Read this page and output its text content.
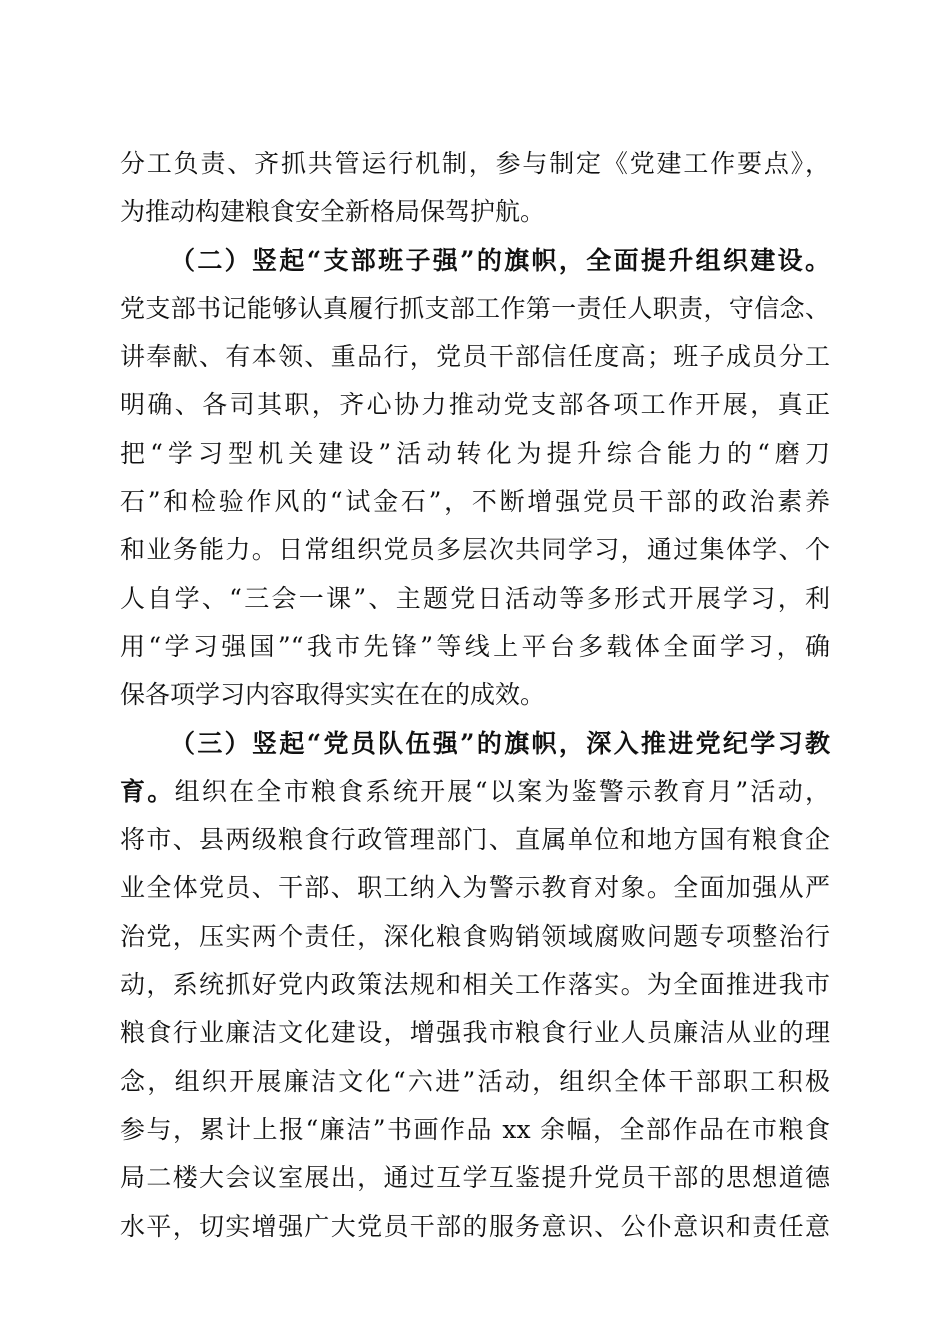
分工负责、齐抓共管运行机制，参与制定《党建工作要点》，
为推动构建粮食安全新格局保驾护航。
（二）竖起“支部班子强”的旗帜，全面提升组织建设。
党支部书记能够认真履行抓支部工作第一责任人职责，守信念、
讲奉献、有本领、重品行，党员干部信任度高；班子成员分工
明确、各司其职，齐心协力推动党支部各项工作开展，真正
把“学习型机关建设”活动转化为提升综合能力的“磨刀
石”和检验作风的“试金石”，不断增强党员干部的政治素养
和业务能力。日常组织党员多层次共同学习，通过集体学、个
人自学、“三会一课”、主题党日活动等多形式开展学习，利
用“学习强国”“我市先锋”等线上平台多载体全面学习，确
保各项学习内容取得实实在在的成效。
（三）竖起“党员队伍强”的旗帜，深入推进党纪学习教
育。组织在全市粮食系统开展“以案为鉴警示教育月”活动，
将市、县两级粮食行政管理部门、直属单位和地方国有粮食企
业全体党员、干部、职工纳入为警示教育对象。全面加强从严
治党，压实两个责任，深化粮食购销领域腐败问题专项整治行
动，系统抓好党内政策法规和相关工作落实。为全面推进我市
粮食行业廉洁文化建设，增强我市粮食行业人员廉洁从业的理
念，组织开展廉洁文化“六进”活动，组织全体干部职工积极
参与，累计上报“廉洁”书画作品 xx 余幅，全部作品在市粮食
局二楼大会议室展出，通过互学互鉴提升党员干部的思想道德
水平，切实增强广大党员干部的服务意识、公仆意识和责任意
